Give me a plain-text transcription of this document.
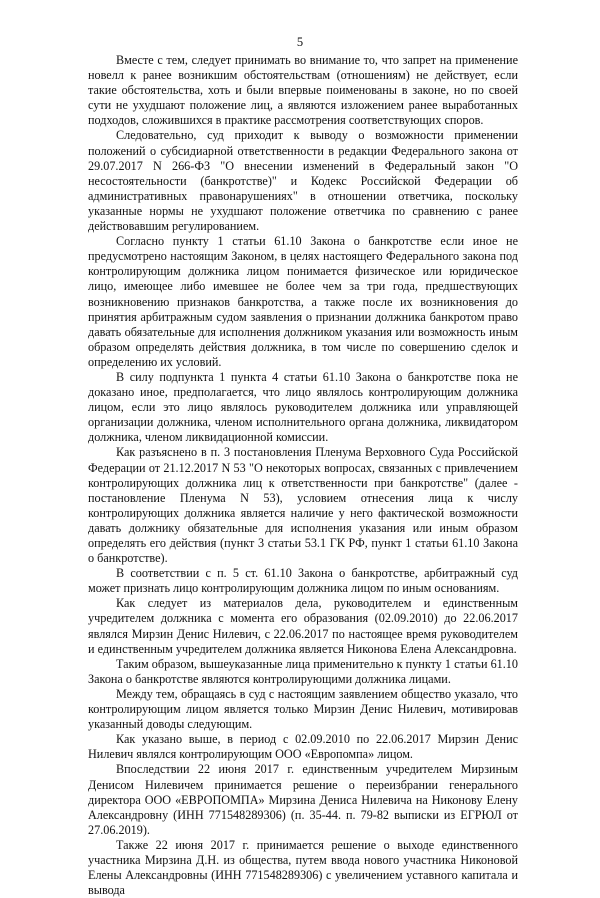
5

Вместе с тем, следует принимать во внимание то, что запрет на применение новелл к ранее возникшим обстоятельствам (отношениям) не действует, если такие обстоятельства, хоть и были впервые поименованы в законе, но по своей сути не ухудшают положение лиц, а являются изложением ранее выработанных подходов, сложившихся в практике рассмотрения соответствующих споров.

Следовательно, суд приходит к выводу о возможности применении положений о субсидиарной ответственности в редакции Федерального закона от 29.07.2017 N 266-ФЗ "О внесении изменений в Федеральный закон "О несостоятельности (банкротстве)" и Кодекс Российской Федерации об административных правонарушениях" в отношении ответчика, поскольку указанные нормы не ухудшают положение ответчика по сравнению с ранее действовавшим регулированием.

Согласно пункту 1 статьи 61.10 Закона о банкротстве если иное не предусмотрено настоящим Законом, в целях настоящего Федерального закона под контролирующим должника лицом понимается физическое или юридическое лицо, имеющее либо имевшее не более чем за три года, предшествующих возникновению признаков банкротства, а также после их возникновения до принятия арбитражным судом заявления о признании должника банкротом право давать обязательные для исполнения должником указания или возможность иным образом определять действия должника, в том числе по совершению сделок и определению их условий.

В силу подпункта 1 пункта 4 статьи 61.10 Закона о банкротстве пока не доказано иное, предполагается, что лицо являлось контролирующим должника лицом, если это лицо являлось руководителем должника или управляющей организации должника, членом исполнительного органа должника, ликвидатором должника, членом ликвидационной комиссии.

Как разъяснено в п. 3 постановления Пленума Верховного Суда Российской Федерации от 21.12.2017 N 53 "О некоторых вопросах, связанных с привлечением контролирующих должника лиц к ответственности при банкротстве" (далее - постановление Пленума N 53), условием отнесения лица к числу контролирующих должника является наличие у него фактической возможности давать должнику обязательные для исполнения указания или иным образом определять его действия (пункт 3 статьи 53.1 ГК РФ, пункт 1 статьи 61.10 Закона о банкротстве).

В соответствии с п. 5 ст. 61.10 Закона о банкротстве, арбитражный суд может признать лицо контролирующим должника лицом по иным основаниям.

Как следует из материалов дела, руководителем и единственным учредителем должника с момента его образования (02.09.2010) до 22.06.2017 являлся Мирзин Денис Нилевич, с 22.06.2017 по настоящее время руководителем и единственным учредителем должника является Никонова Елена Александровна.

Таким образом, вышеуказанные лица применительно к пункту 1 статьи 61.10 Закона о банкротстве являются контролирующими должника лицами.

Между тем, обращаясь в суд с настоящим заявлением общество указало, что контролирующим лицом является только Мирзин Денис Нилевич, мотивировав указанный доводы следующим.

Как указано выше, в период с 02.09.2010 по 22.06.2017 Мирзин Денис Нилевич являлся контролирующим ООО «Европомпа» лицом.

Впоследствии 22 июня 2017 г. единственным учредителем Мирзиным Денисом Нилевичем принимается решение о переизбрании генерального директора ООО «ЕВРОПОМПА» Мирзина Дениса Нилевича на Никонову Елену Александровну (ИНН 771548289306) (п. 35-44. п. 79-82 выписки из ЕГРЮЛ от 27.06.2019).

Также 22 июня 2017 г. принимается решение о выходе единственного участника Мирзина Д.Н. из общества, путем ввода нового участника Никоновой Елены Александровны (ИНН 771548289306) с увеличением уставного капитала и вывода
